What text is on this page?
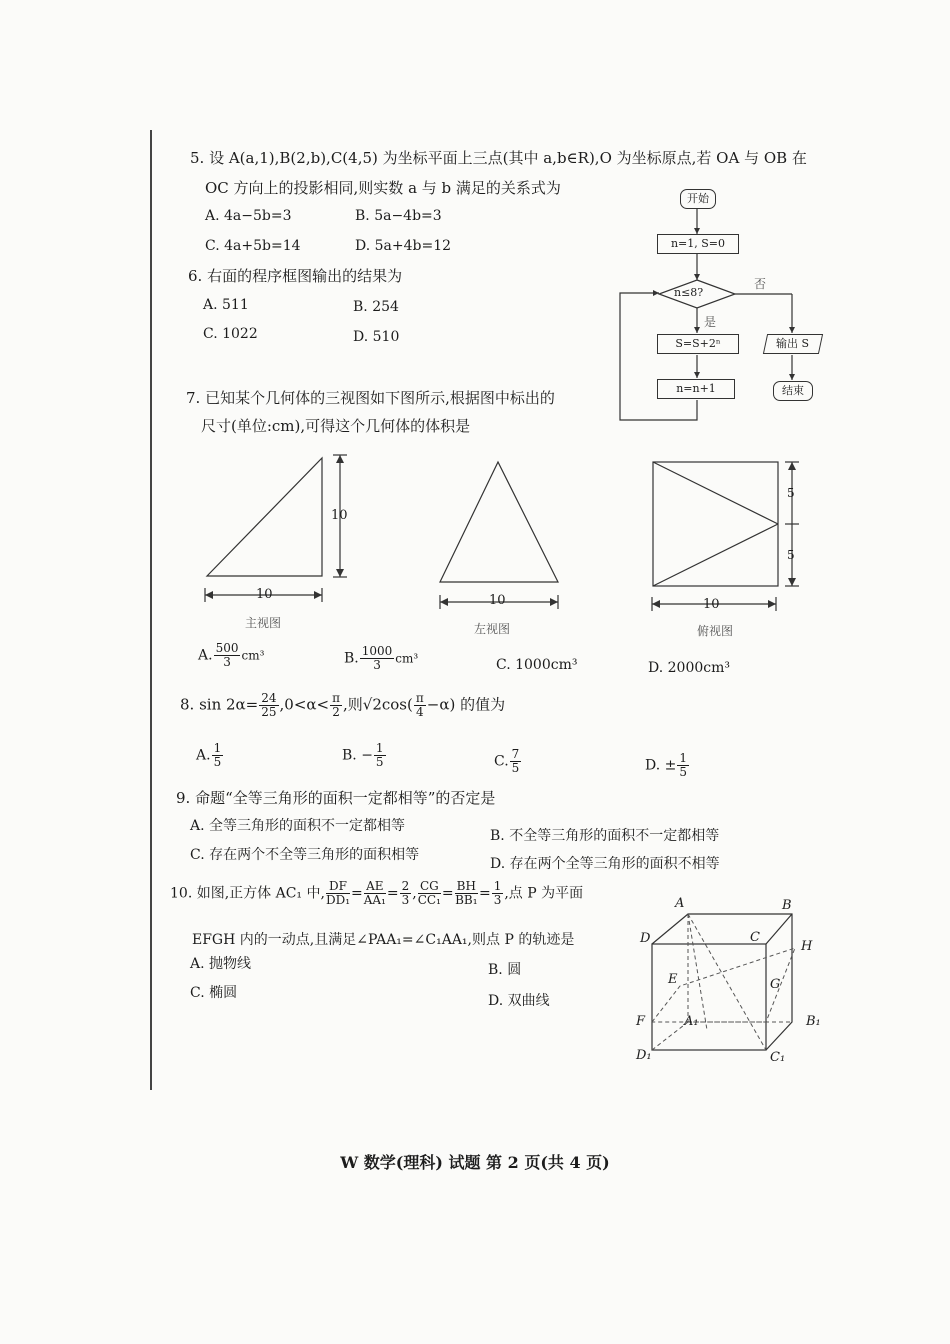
5. 设 A(a,1),B(2,b),C(4,5) 为坐标平面上三点(其中 a,b∈R),O 为坐标原点,若 OA 与 OB 在
OC 方向上的投影相同,则实数 a 与 b 满足的关系式为
A. 4a−5b=3	B. 5a−4b=3
C. 4a+5b=14	D. 5a+4b=12
6. 右面的程序框图输出的结果为
A. 511	B. 254
C. 1022	D. 510
开始
n=1, S=0
n≤8?
否
是
S=S+2ⁿ
n=n+1
输出 S
结束
7. 已知某个几何体的三视图如下图所示,根据图中标出的
尺寸(单位:cm),可得这个几何体的体积是
10
10
主视图
10
左视图
5
5
10
俯视图
A. $\frac{500}{3} cm^3$	B. $\frac{1000}{3} cm^3$	C. 1000cm³	D. 2000cm³
8. $\sin 2\alpha= \frac{24}{25} ,0<\alpha< \frac{\pi}{2}$ ,则$√2\cos( \frac{\pi}{4} -\alpha)$ 的值为
A. $\frac{1}{5}$	B. − $\frac{1}{5}$	C. $\frac{7}{5}$	D. ± $\frac{1}{5}$
9. 命题“全等三角形的面积一定都相等”的否定是
A. 全等三角形的面积不一定都相等
B. 不全等三角形的面积不一定都相等
C. 存在两个不全等三角形的面积相等
D. 存在两个全等三角形的面积不相等
10. 如图,正方体 AC₁ 中, $\frac{DF}{\text{DD₁}} = \frac{AE}{\text{AA₁}} = \frac{2}{3}$ , $\frac{CG}{\text{CC₁}} = \frac{BH}{\text{BB₁}} = \frac{1}{3}$ ,点 P 为平面
EFGH 内的一动点,且满足∠PAA₁=∠C₁AA₁,则点 P 的轨迹是
A. 抛物线	B. 圆
C. 椭圆	D. 双曲线
A	B
C
D
H
E	G
F	A₁	B₁
D₁	C₁
W 数学(理科) 试题 第 2 页(共 4 页)
